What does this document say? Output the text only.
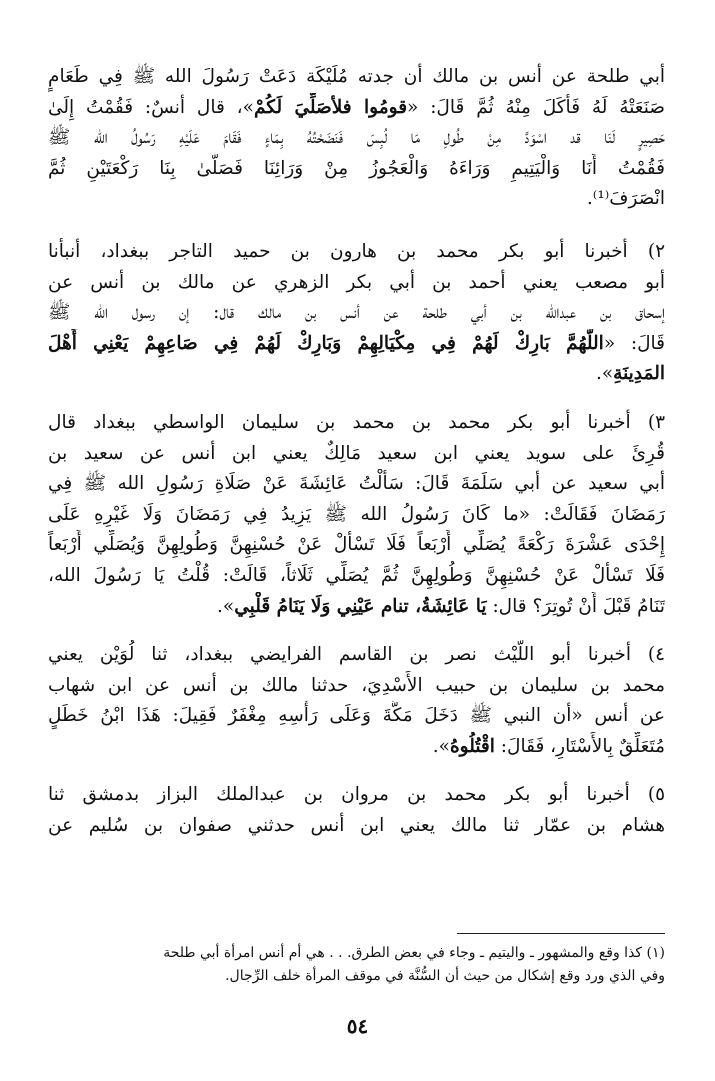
أبي طلحة عن أنس بن مالك أن جدته مُلَيْكَة دَعَتْ رَسُولَ الله ﷺ فِي طَعَامٍ
صَنَعَتْهُ لَهُ فَأَكَلَ مِنْهُ ثُمَّ قَالَ: «قومُوا فلأصَلِّيَ لَكُمْ»، قال أنسٌ: فَقُمْتُ إِلَىٰ
حَصِيرٍ لَنَا قد اسْوَدَّ مِنْ طُولِ مَا لُبِسَ فَنَضَحْتُهُ بِمَاءٍ فَقَامَ عَلَيْهِ رَسُولُ الله ﷺ
فَقُمْتُ أَنَا وَالْيَتِيمِ وَرَاءَهُ وَالْعَجُوزُ مِنْ وَرَائِنَا فَصَلَّىٰ بِنَا رَكْعَتَيْنِ ثُمَّ
انْصَرَفَ⁽¹⁾.
٢) أخبرنا أبو بكر محمد بن هارون بن حميد التاجر ببغداد، أنبأنا
أبو مصعب يعني أحمد بن أبي بكر الزهري عن مالك بن أنس عن
إسحاق بن عبدالله بن أبي طلحة عن أنس بن مالك قال: إن رسول الله ﷺ
قَالَ: «اللَّهُمَّ بَارِكْ لَهُمْ فِي مِكْيَالِهِمْ وَبَارِكْ لَهُمْ فِي صَاعِهِمْ يَعْنِي أَهْلَ
المَدِينَةِ».
٣) أخبرنا أبو بكر محمد بن محمد بن سليمان الواسطي ببغداد قال
قُرِئَ على سويد يعني ابن سعيد مَالِكٌ يعني ابن أنس عن سعيد بن
أبي سعيد عن أبي سَلَمَةَ قَالَ: سَأَلْتُ عَائِشَةَ عَنْ صَلَاةِ رَسُولِ الله ﷺ فِي
رَمَضَانَ فَقَالَتْ: «ما كَانَ رَسُولُ الله ﷺ يَزِيدُ فِي رَمَضَانَ وَلَا غَيْرِهِ عَلَى
إِحْدَى عَشْرَةَ رَكْعَةً يُصَلِّي أَرْبَعاً فَلَا تَسْأَلْ عَنْ حُسْنِهِنَّ وَطُولِهِنَّ وَيُصَلِّي أَرْبَعاً
فَلَا تَسْأَلْ عَنْ حُسْنِهِنَّ وَطُولِهِنَّ ثُمَّ يُصَلِّي ثَلَاثاً، قَالَتْ: قُلْتُ يَا رَسُولَ الله،
تَنَامُ قَبْلَ أَنْ تُوتِرَ؟ قال: يَا عَائِشَةُ، تنام عَيْنِي وَلَا يَنَامُ قَلْبِي».
٤) أخبرنا أبو اللَّيْث نصر بن القاسم الفرايضي ببغداد، ثنا لُوَيْن يعني
محمد بن سليمان بن حبيب الأَسْدِيَ، حدثنا مالك بن أنس عن ابن شهاب
عن أنس «أن النبي ﷺ دَخَلَ مَكَّةَ وَعَلَى رَأْسِهِ مِغْفَرٌ فَقِيلَ: هَذَا ابْنُ خَطَلٍ
مُتَعَلِّقٌ بِالأَسْتَارِ، فَقَالَ: اقْتُلُوهُ».
٥) أخبرنا أبو بكر محمد بن مروان بن عبدالملك البزاز بدمشق ثنا
هشام بن عمّار ثنا مالك يعني ابن أنس حدثني صفوان بن سُليم عن
(١) كذا وقع والمشهور ـ واليتيم ـ وجاء في بعض الطرق. . . هي أم أنس امرأة أبي طلحة
وفي الذي ورد وقع إشكال من حيث أن السُّنَّة في موقف المرأة خلف الرِّجال.
٥٤
